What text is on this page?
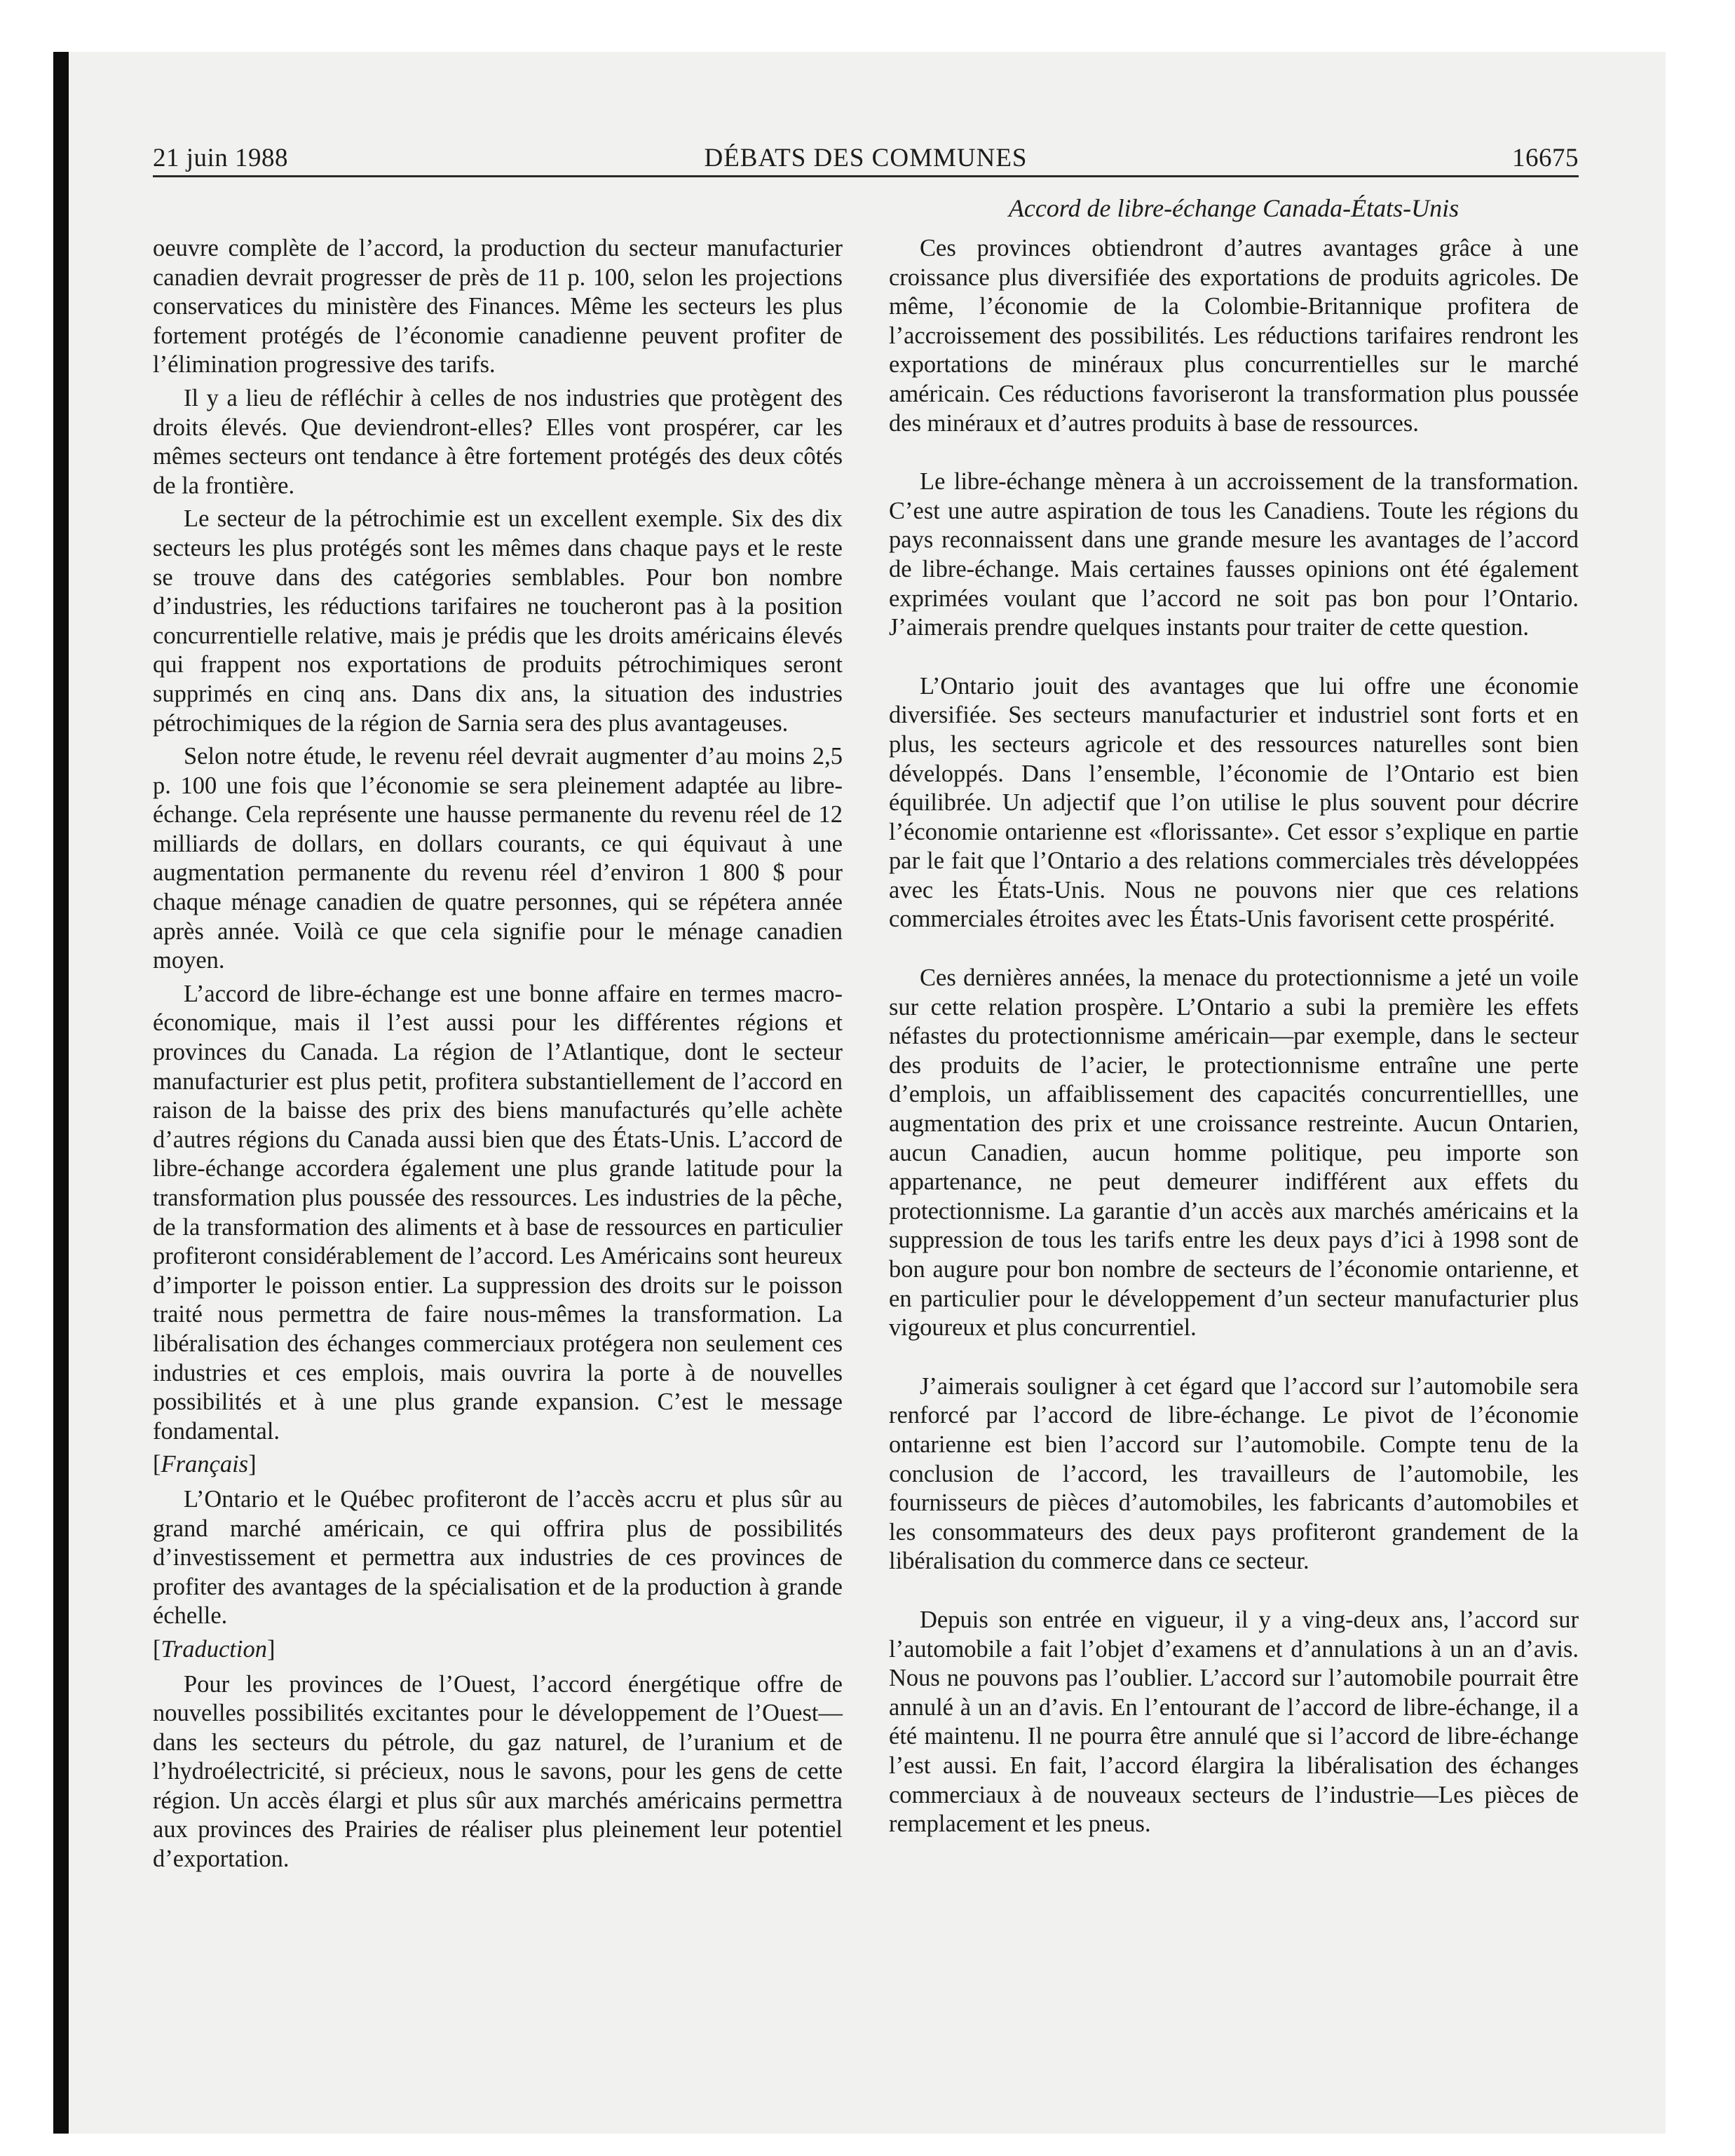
21 juin 1988	DÉBATS DES COMMUNES	16675
Accord de libre-échange Canada-États-Unis

oeuvre complète de l’accord, la production du secteur manufacturier canadien devrait progresser de près de 11 p. 100, selon les projections conservatices du ministère des Finances. Même les secteurs les plus fortement protégés de l’économie canadienne peuvent profiter de l’élimination progressive des tarifs.

Il y a lieu de réfléchir à celles de nos industries que protègent des droits élevés. Que deviendront-elles? Elles vont prospérer, car les mêmes secteurs ont tendance à être fortement protégés des deux côtés de la frontière.

Le secteur de la pétrochimie est un excellent exemple. Six des dix secteurs les plus protégés sont les mêmes dans chaque pays et le reste se trouve dans des catégories semblables. Pour bon nombre d’industries, les réductions tarifaires ne toucheront pas à la position concurrentielle relative, mais je prédis que les droits américains élevés qui frappent nos exportations de produits pétrochimiques seront supprimés en cinq ans. Dans dix ans, la situation des industries pétrochimiques de la région de Sarnia sera des plus avantageuses.

Selon notre étude, le revenu réel devrait augmenter d’au moins 2,5 p. 100 une fois que l’économie se sera pleinement adaptée au libre-échange. Cela représente une hausse permanente du revenu réel de 12 milliards de dollars, en dollars courants, ce qui équivaut à une augmentation permanente du revenu réel d’environ 1 800 $ pour chaque ménage canadien de quatre personnes, qui se répétera année après année. Voilà ce que cela signifie pour le ménage canadien moyen.

L’accord de libre-échange est une bonne affaire en termes macro-économique, mais il l’est aussi pour les différentes régions et provinces du Canada. La région de l’Atlantique, dont le secteur manufacturier est plus petit, profitera substantiellement de l’accord en raison de la baisse des prix des biens manufacturés qu’elle achète d’autres régions du Canada aussi bien que des États-Unis. L’accord de libre-échange accordera également une plus grande latitude pour la transformation plus poussée des ressources. Les industries de la pêche, de la transformation des aliments et à base de ressources en particulier profiteront considérablement de l’accord. Les Américains sont heureux d’importer le poisson entier. La suppression des droits sur le poisson traité nous permettra de faire nous-mêmes la transformation. La libéralisation des échanges commerciaux protégera non seulement ces industries et ces emplois, mais ouvrira la porte à de nouvelles possibilités et à une plus grande expansion. C’est le message fondamental.

[Français]

L’Ontario et le Québec profiteront de l’accès accru et plus sûr au grand marché américain, ce qui offrira plus de possibilités d’investissement et permettra aux industries de ces provinces de profiter des avantages de la spécialisation et de la production à grande échelle.

[Traduction]

Pour les provinces de l’Ouest, l’accord énergétique offre de nouvelles possibilités excitantes pour le développement de l’Ouest—dans les secteurs du pétrole, du gaz naturel, de l’uranium et de l’hydroélectricité, si précieux, nous le savons, pour les gens de cette région. Un accès élargi et plus sûr aux marchés américains permettra aux provinces des Prairies de réaliser plus pleinement leur potentiel d’exportation.

Ces provinces obtiendront d’autres avantages grâce à une croissance plus diversifiée des exportations de produits agricoles. De même, l’économie de la Colombie-Britannique profitera de l’accroissement des possibilités. Les réductions tarifaires rendront les exportations de minéraux plus concurrentielles sur le marché américain. Ces réductions favoriseront la transformation plus poussée des minéraux et d’autres produits à base de ressources.

Le libre-échange mènera à un accroissement de la transformation. C’est une autre aspiration de tous les Canadiens. Toute les régions du pays reconnaissent dans une grande mesure les avantages de l’accord de libre-échange. Mais certaines fausses opinions ont été également exprimées voulant que l’accord ne soit pas bon pour l’Ontario. J’aimerais prendre quelques instants pour traiter de cette question.

L’Ontario jouit des avantages que lui offre une économie diversifiée. Ses secteurs manufacturier et industriel sont forts et en plus, les secteurs agricole et des ressources naturelles sont bien développés. Dans l’ensemble, l’économie de l’Ontario est bien équilibrée. Un adjectif que l’on utilise le plus souvent pour décrire l’économie ontarienne est «florissante». Cet essor s’explique en partie par le fait que l’Ontario a des relations commerciales très développées avec les États-Unis. Nous ne pouvons nier que ces relations commerciales étroites avec les États-Unis favorisent cette prospérité.

Ces dernières années, la menace du protectionnisme a jeté un voile sur cette relation prospère. L’Ontario a subi la première les effets néfastes du protectionnisme américain—par exemple, dans le secteur des produits de l’acier, le protectionnisme entraîne une perte d’emplois, un affaiblissement des capacités concurrentiellles, une augmentation des prix et une croissance restreinte. Aucun Ontarien, aucun Canadien, aucun homme politique, peu importe son appartenance, ne peut demeurer indifférent aux effets du protectionnisme. La garantie d’un accès aux marchés américains et la suppression de tous les tarifs entre les deux pays d’ici à 1998 sont de bon augure pour bon nombre de secteurs de l’économie ontarienne, et en particulier pour le développement d’un secteur manufacturier plus vigoureux et plus concurrentiel.

J’aimerais souligner à cet égard que l’accord sur l’automobile sera renforcé par l’accord de libre-échange. Le pivot de l’économie ontarienne est bien l’accord sur l’automobile. Compte tenu de la conclusion de l’accord, les travailleurs de l’automobile, les fournisseurs de pièces d’automobiles, les fabricants d’automobiles et les consommateurs des deux pays profiteront grandement de la libéralisation du commerce dans ce secteur.

Depuis son entrée en vigueur, il y a ving-deux ans, l’accord sur l’automobile a fait l’objet d’examens et d’annulations à un an d’avis. Nous ne pouvons pas l’oublier. L’accord sur l’automobile pourrait être annulé à un an d’avis. En l’entourant de l’accord de libre-échange, il a été maintenu. Il ne pourra être annulé que si l’accord de libre-échange l’est aussi. En fait, l’accord élargira la libéralisation des échanges commerciaux à de nouveaux secteurs de l’industrie—Les pièces de remplacement et les pneus.
